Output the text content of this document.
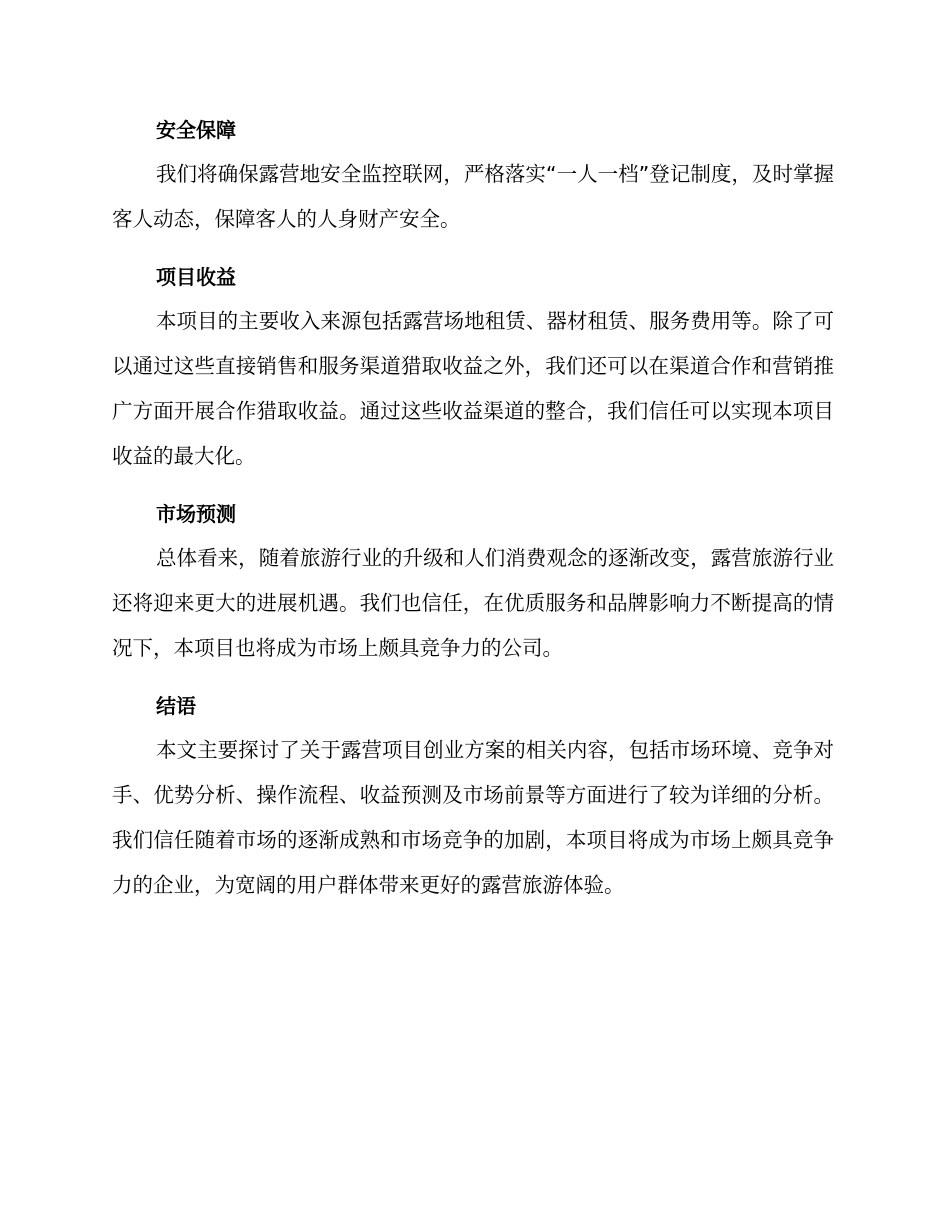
安全保障

我们将确保露营地安全监控联网，严格落实“一人一档”登记制度，及时掌握客人动态，保障客人的人身财产安全。

项目收益

本项目的主要收入来源包括露营场地租赁、器材租赁、服务费用等。除了可以通过这些直接销售和服务渠道猎取收益之外，我们还可以在渠道合作和营销推广方面开展合作猎取收益。通过这些收益渠道的整合，我们信任可以实现本项目收益的最大化。

市场预测

总体看来，随着旅游行业的升级和人们消费观念的逐渐改变，露营旅游行业还将迎来更大的进展机遇。我们也信任，在优质服务和品牌影响力不断提高的情况下，本项目也将成为市场上颇具竞争力的公司。

结语

本文主要探讨了关于露营项目创业方案的相关内容，包括市场环境、竞争对手、优势分析、操作流程、收益预测及市场前景等方面进行了较为详细的分析。我们信任随着市场的逐渐成熟和市场竞争的加剧，本项目将成为市场上颇具竞争力的企业，为宽阔的用户群体带来更好的露营旅游体验。
